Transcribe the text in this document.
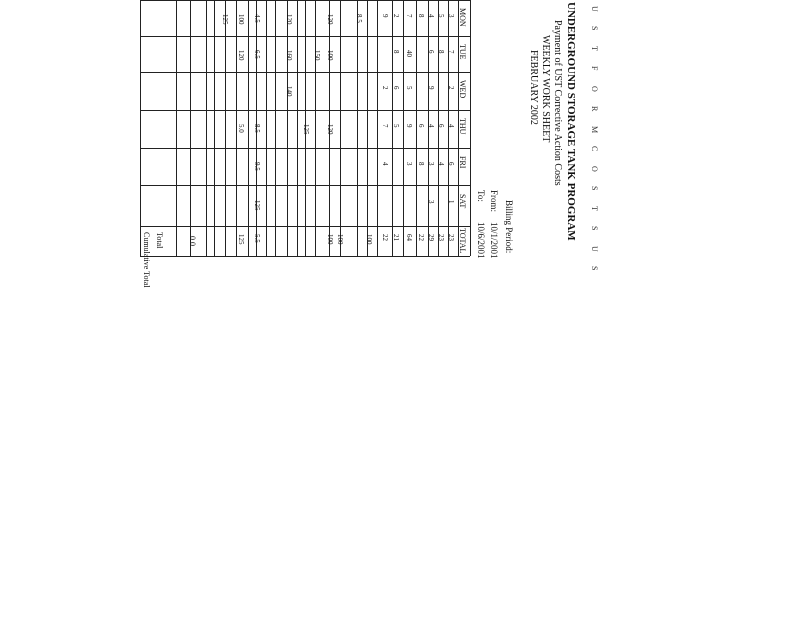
UNDERGROUND STORAGE TANK PROGRAM
Payment of UST Corrective Action Costs
WEEKLY WORK SHEET
FEBRUARY 2002
Billing Period:
From:
10/1/2001
To:
10/6/2001
U
S
T
F
O
R
M
C
O
S
T
S
U
S
MON
TUE
WED
THU
FRI
SAT
TOTAL
3
7
2
4
6
1
23
5
8
6
4
23
4
6
9
4
3
3
29
8
6
8
22
7
40
5
9
3
64
2
8
6
5
21
9
2
7
4
22
100
8.5
100
120
100
120
100
150
125
120
160
140
4.5
6.5
8.5
9.5
125
5.5
100
120
5.0
125
125
Total
Cumulative Total	0.0
